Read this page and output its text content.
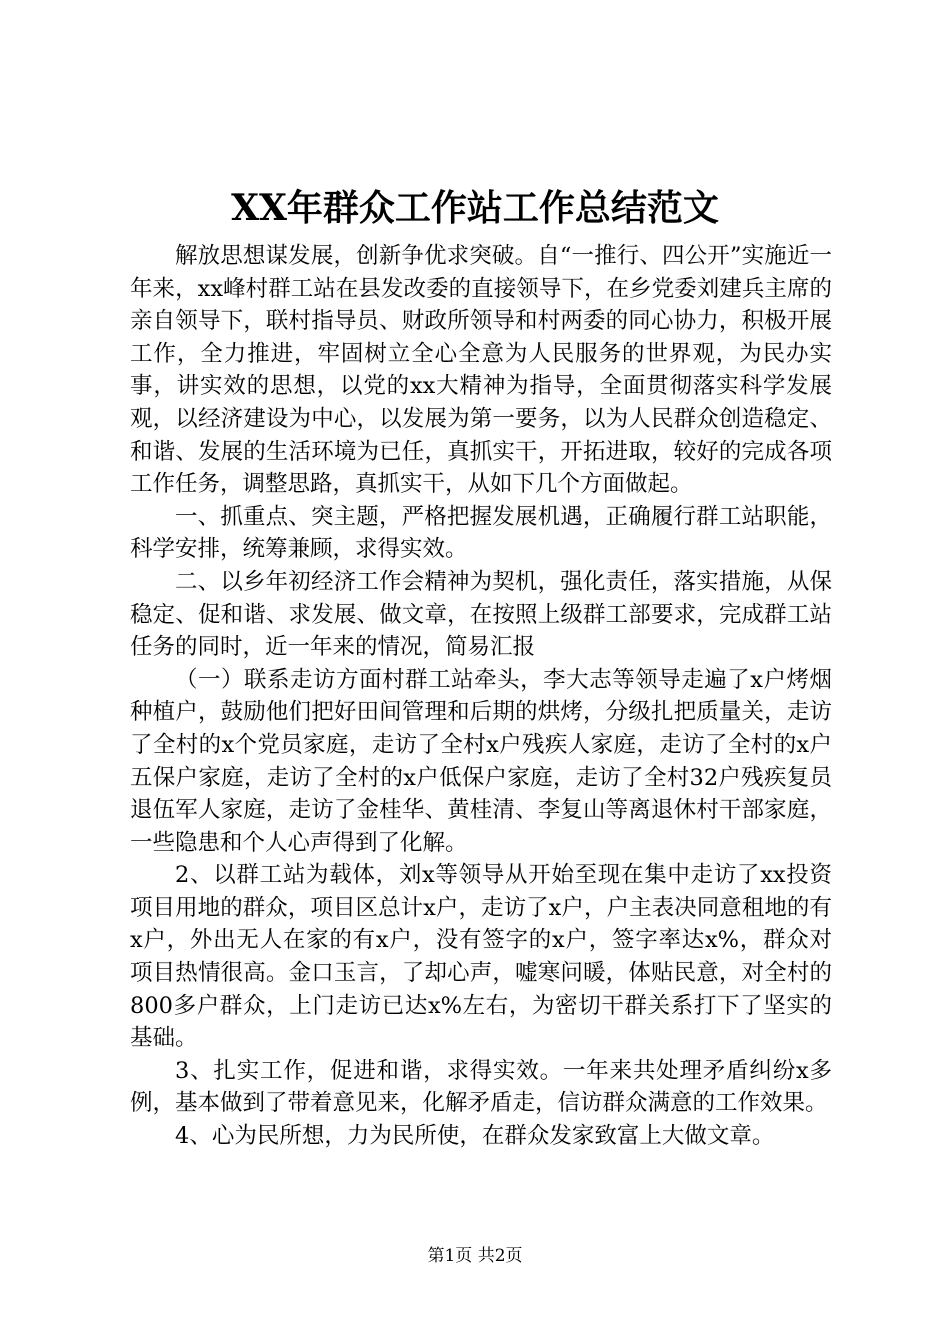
XX年群众工作站工作总结范文

解放思想谋发展，创新争优求突破。自“一推行、四公开”实施近一年来，xx峰村群工站在县发改委的直接领导下，在乡党委刘建兵主席的亲自领导下，联村指导员、财政所领导和村两委的同心协力，积极开展工作，全力推进，牢固树立全心全意为人民服务的世界观，为民办实事，讲实效的思想，以党的xx大精神为指导，全面贯彻落实科学发展观，以经济建设为中心，以发展为第一要务，以为人民群众创造稳定、和谐、发展的生活环境为已任，真抓实干，开拓进取，较好的完成各项工作任务，调整思路，真抓实干，从如下几个方面做起。

一、抓重点、突主题，严格把握发展机遇，正确履行群工站职能，科学安排，统筹兼顾，求得实效。

二、以乡年初经济工作会精神为契机，强化责任，落实措施，从保稳定、促和谐、求发展、做文章，在按照上级群工部要求，完成群工站任务的同时，近一年来的情况，简易汇报

（一）联系走访方面村群工站牵头，李大志等领导走遍了x户烤烟种植户，鼓励他们把好田间管理和后期的烘烤，分级扎把质量关，走访了全村的x个党员家庭，走访了全村x户残疾人家庭，走访了全村的x户五保户家庭，走访了全村的x户低保户家庭，走访了全村32户残疾复员退伍军人家庭，走访了金桂华、黄桂清、李复山等离退休村干部家庭，一些隐患和个人心声得到了化解。

2、以群工站为载体，刘x等领导从开始至现在集中走访了xx投资项目用地的群众，项目区总计x户，走访了x户，户主表决同意租地的有x户，外出无人在家的有x户，没有签字的x户，签字率达x%，群众对项目热情很高。金口玉言，了却心声，嘘寒问暖，体贴民意，对全村的800多户群众，上门走访已达x%左右，为密切干群关系打下了坚实的基础。

3、扎实工作，促进和谐，求得实效。一年来共处理矛盾纠纷x多例，基本做到了带着意见来，化解矛盾走，信访群众满意的工作效果。

4、心为民所想，力为民所使，在群众发家致富上大做文章。

第1页 共2页
